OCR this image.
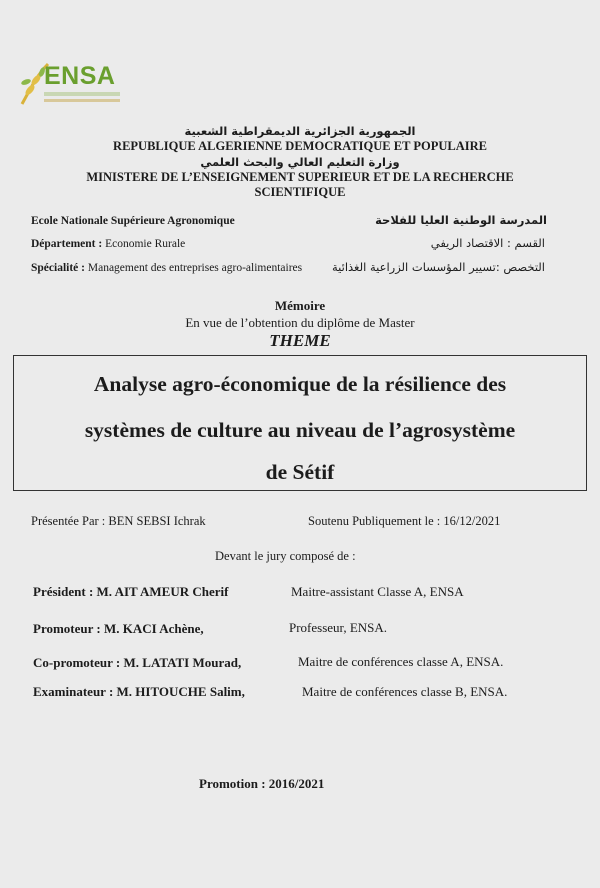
ENSA
الجمهورية الجزائرية الديمقراطية الشعبية
REPUBLIQUE ALGERIENNE DEMOCRATIQUE ET POPULAIRE
وزارة التعليم العالي والبحث العلمي
MINISTERE DE L’ENSEIGNEMENT SUPERIEUR ET DE LA RECHERCHE
SCIENTIFIQUE
Ecole Nationale Supérieure Agronomique	المدرسة الوطنية العليا للفلاحة
Département : Economie Rurale	القسم : الاقتصاد الريفي
Spécialité : Management des entreprises agro-alimentaires	التخصص :تسيير المؤسسات الزراعية الغذائية
Mémoire
En vue de l’obtention du diplôme de Master
THEME
Analyse agro-économique de la résilience des
systèmes de culture au niveau de l’agrosystème
de Sétif
Présentée Par : BEN SEBSI Ichrak	Soutenu Publiquement le : 16/12/2021
Devant le jury composé de :
Président : M. AIT AMEUR Cherif	Maitre-assistant Classe A, ENSA
Promoteur : M. KACI Achène,	Professeur, ENSA.
Co-promoteur : M. LATATI Mourad,	Maitre de conférences classe A, ENSA.
Examinateur : M. HITOUCHE Salim,	Maitre de conférences classe B, ENSA.
Promotion : 2016/2021
